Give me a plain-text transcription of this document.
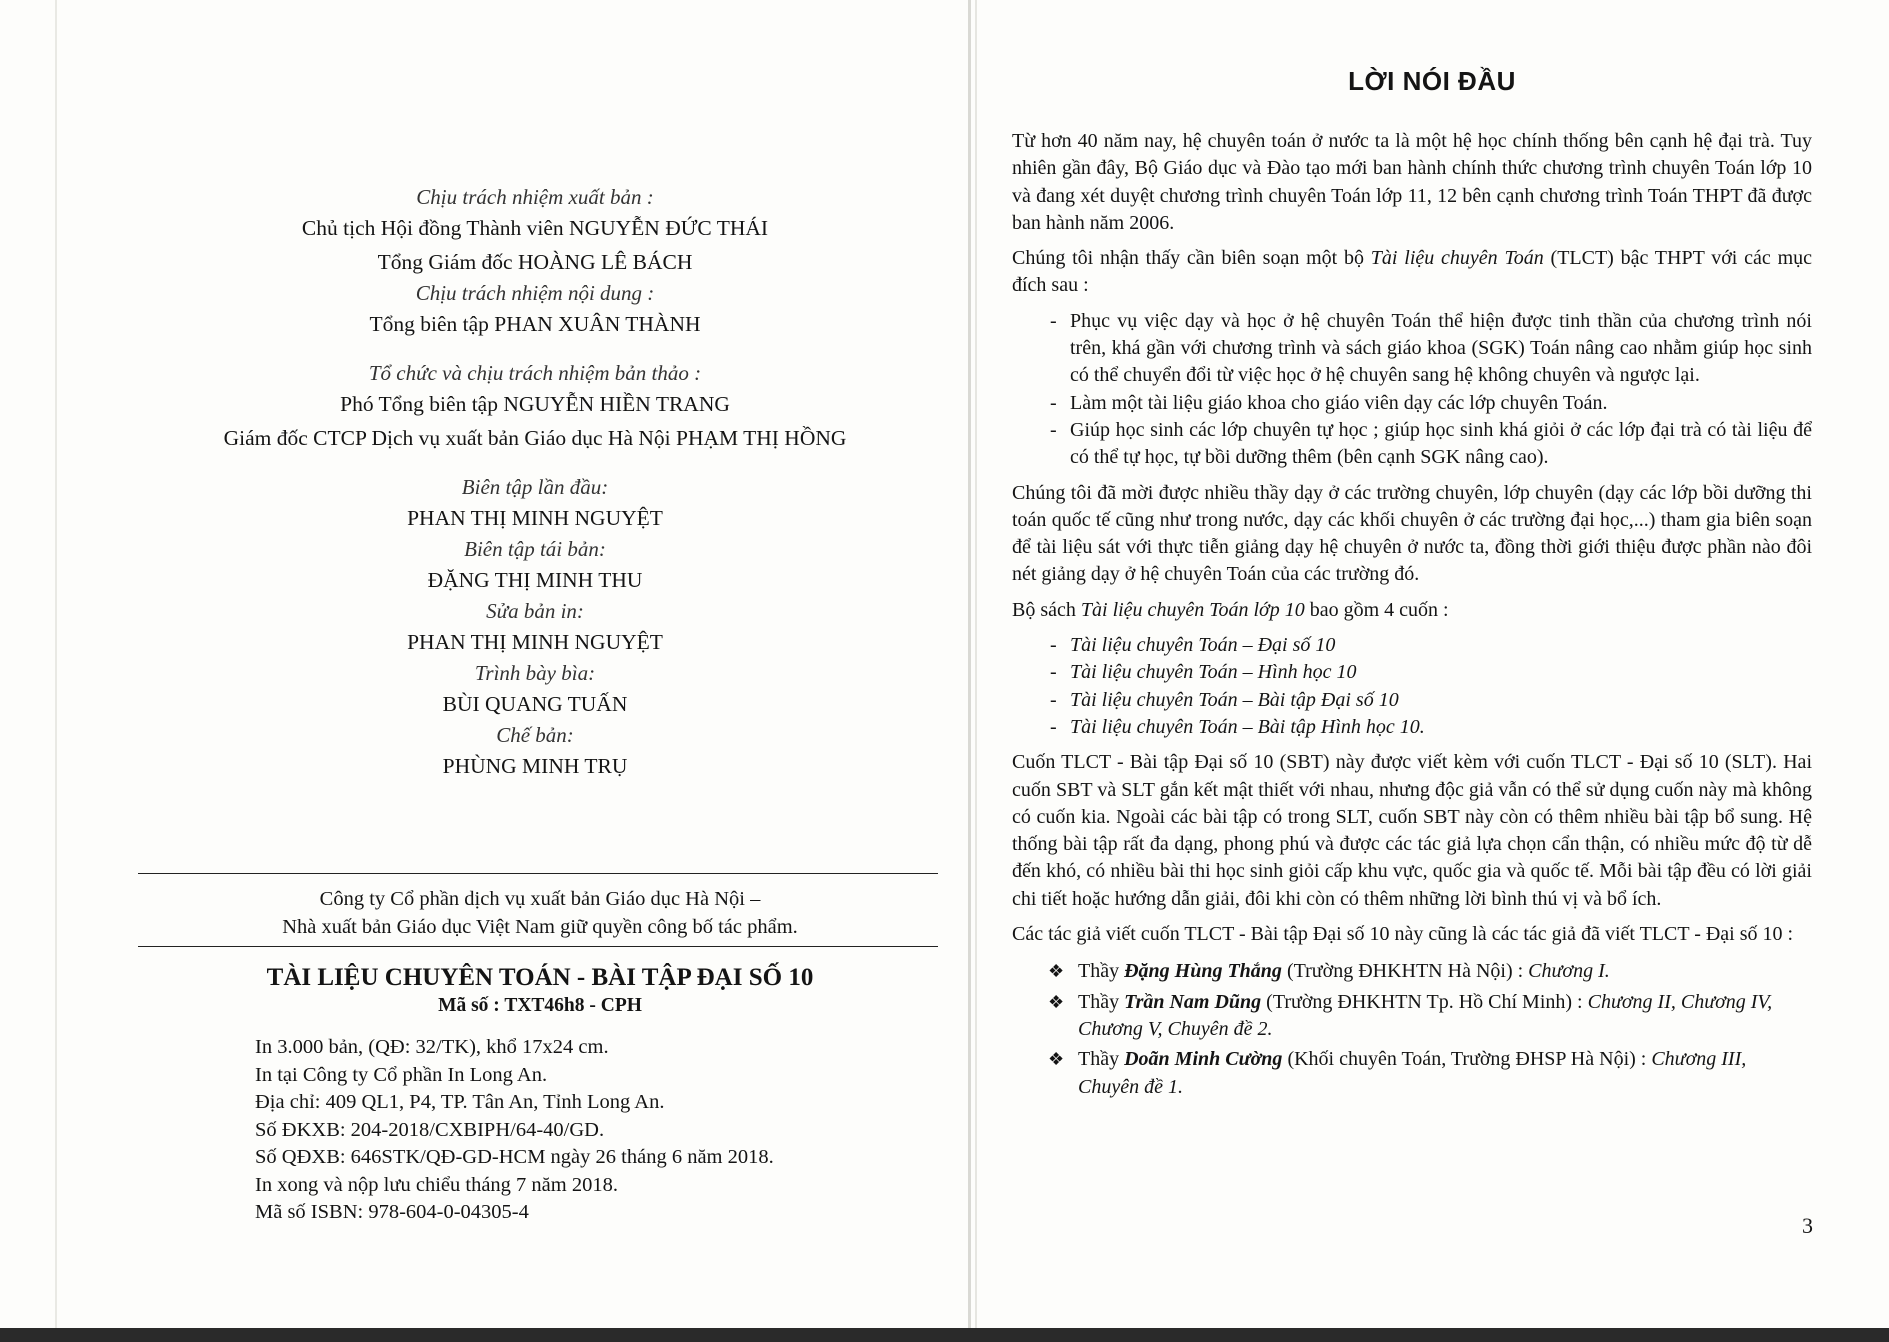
Chịu trách nhiệm xuất bản :
Chủ tịch Hội đồng Thành viên NGUYỄN ĐỨC THÁI
Tổng Giám đốc HOÀNG LÊ BÁCH
Chịu trách nhiệm nội dung :
Tổng biên tập PHAN XUÂN THÀNH
Tổ chức và chịu trách nhiệm bản thảo :
Phó Tổng biên tập NGUYỄN HIỀN TRANG
Giám đốc CTCP Dịch vụ xuất bản Giáo dục Hà Nội PHẠM THỊ HỒNG
Biên tập lần đầu:
PHAN THỊ MINH NGUYỆT
Biên tập tái bản:
ĐẶNG THỊ MINH THU
Sửa bản in:
PHAN THỊ MINH NGUYỆT
Trình bày bìa:
BÙI QUANG TUẤN
Chế bản:
PHÙNG MINH TRỤ
Công ty Cổ phần dịch vụ xuất bản Giáo dục Hà Nội –
Nhà xuất bản Giáo dục Việt Nam giữ quyền công bố tác phẩm.
TÀI LIỆU CHUYÊN TOÁN - BÀI TẬP ĐẠI SỐ 10
Mã số : TXT46h8 - CPH
In 3.000 bản, (QĐ: 32/TK), khổ 17x24 cm.
In tại Công ty Cổ phần In Long An.
Địa chỉ: 409 QL1, P4, TP. Tân An, Tỉnh Long An.
Số ĐKXB: 204-2018/CXBIPH/64-40/GD.
Số QĐXB: 646STK/QĐ-GD-HCM ngày 26 tháng 6 năm 2018.
In xong và nộp lưu chiểu tháng 7 năm 2018.
Mã số ISBN: 978-604-0-04305-4
LỜI NÓI ĐẦU

Từ hơn 40 năm nay, hệ chuyên toán ở nước ta là một hệ học chính thống bên cạnh hệ đại trà. Tuy nhiên gần đây, Bộ Giáo dục và Đào tạo mới ban hành chính thức chương trình chuyên Toán lớp 10 và đang xét duyệt chương trình chuyên Toán lớp 11, 12 bên cạnh chương trình Toán THPT đã được ban hành năm 2006.

Chúng tôi nhận thấy cần biên soạn một bộ Tài liệu chuyên Toán (TLCT) bậc THPT với các mục đích sau :

- Phục vụ việc dạy và học ở hệ chuyên Toán thể hiện được tinh thần của chương trình nói trên, khá gần với chương trình và sách giáo khoa (SGK) Toán nâng cao nhằm giúp học sinh có thể chuyển đổi từ việc học ở hệ chuyên sang hệ không chuyên và ngược lại.
- Làm một tài liệu giáo khoa cho giáo viên dạy các lớp chuyên Toán.
- Giúp học sinh các lớp chuyên tự học ; giúp học sinh khá giỏi ở các lớp đại trà có tài liệu để có thể tự học, tự bồi dưỡng thêm (bên cạnh SGK nâng cao).

Chúng tôi đã mời được nhiều thầy dạy ở các trường chuyên, lớp chuyên (dạy các lớp bồi dưỡng thi toán quốc tế cũng như trong nước, dạy các khối chuyên ở các trường đại học,...) tham gia biên soạn để tài liệu sát với thực tiễn giảng dạy hệ chuyên ở nước ta, đồng thời giới thiệu được phần nào đôi nét giảng dạy ở hệ chuyên Toán của các trường đó.

Bộ sách Tài liệu chuyên Toán lớp 10 bao gồm 4 cuốn :

- Tài liệu chuyên Toán – Đại số 10
- Tài liệu chuyên Toán – Hình học 10
- Tài liệu chuyên Toán – Bài tập Đại số 10
- Tài liệu chuyên Toán – Bài tập Hình học 10.

Cuốn TLCT - Bài tập Đại số 10 (SBT) này được viết kèm với cuốn TLCT - Đại số 10 (SLT). Hai cuốn SBT và SLT gắn kết mật thiết với nhau, nhưng độc giả vẫn có thể sử dụng cuốn này mà không có cuốn kia. Ngoài các bài tập có trong SLT, cuốn SBT này còn có thêm nhiều bài tập bổ sung. Hệ thống bài tập rất đa dạng, phong phú và được các tác giả lựa chọn cẩn thận, có nhiều mức độ từ dễ đến khó, có nhiều bài thi học sinh giỏi cấp khu vực, quốc gia và quốc tế. Mỗi bài tập đều có lời giải chi tiết hoặc hướng dẫn giải, đôi khi còn có thêm những lời bình thú vị và bổ ích.

Các tác giả viết cuốn TLCT - Bài tập Đại số 10 này cũng là các tác giả đã viết TLCT - Đại số 10 :

❖ Thầy Đặng Hùng Thắng (Trường ĐHKHTN Hà Nội) : Chương I.
❖ Thầy Trần Nam Dũng (Trường ĐHKHTN Tp. Hồ Chí Minh) : Chương II, Chương IV, Chương V, Chuyên đề 2.
❖ Thầy Doãn Minh Cường (Khối chuyên Toán, Trường ĐHSP Hà Nội) : Chương III, Chuyên đề 1.
3
